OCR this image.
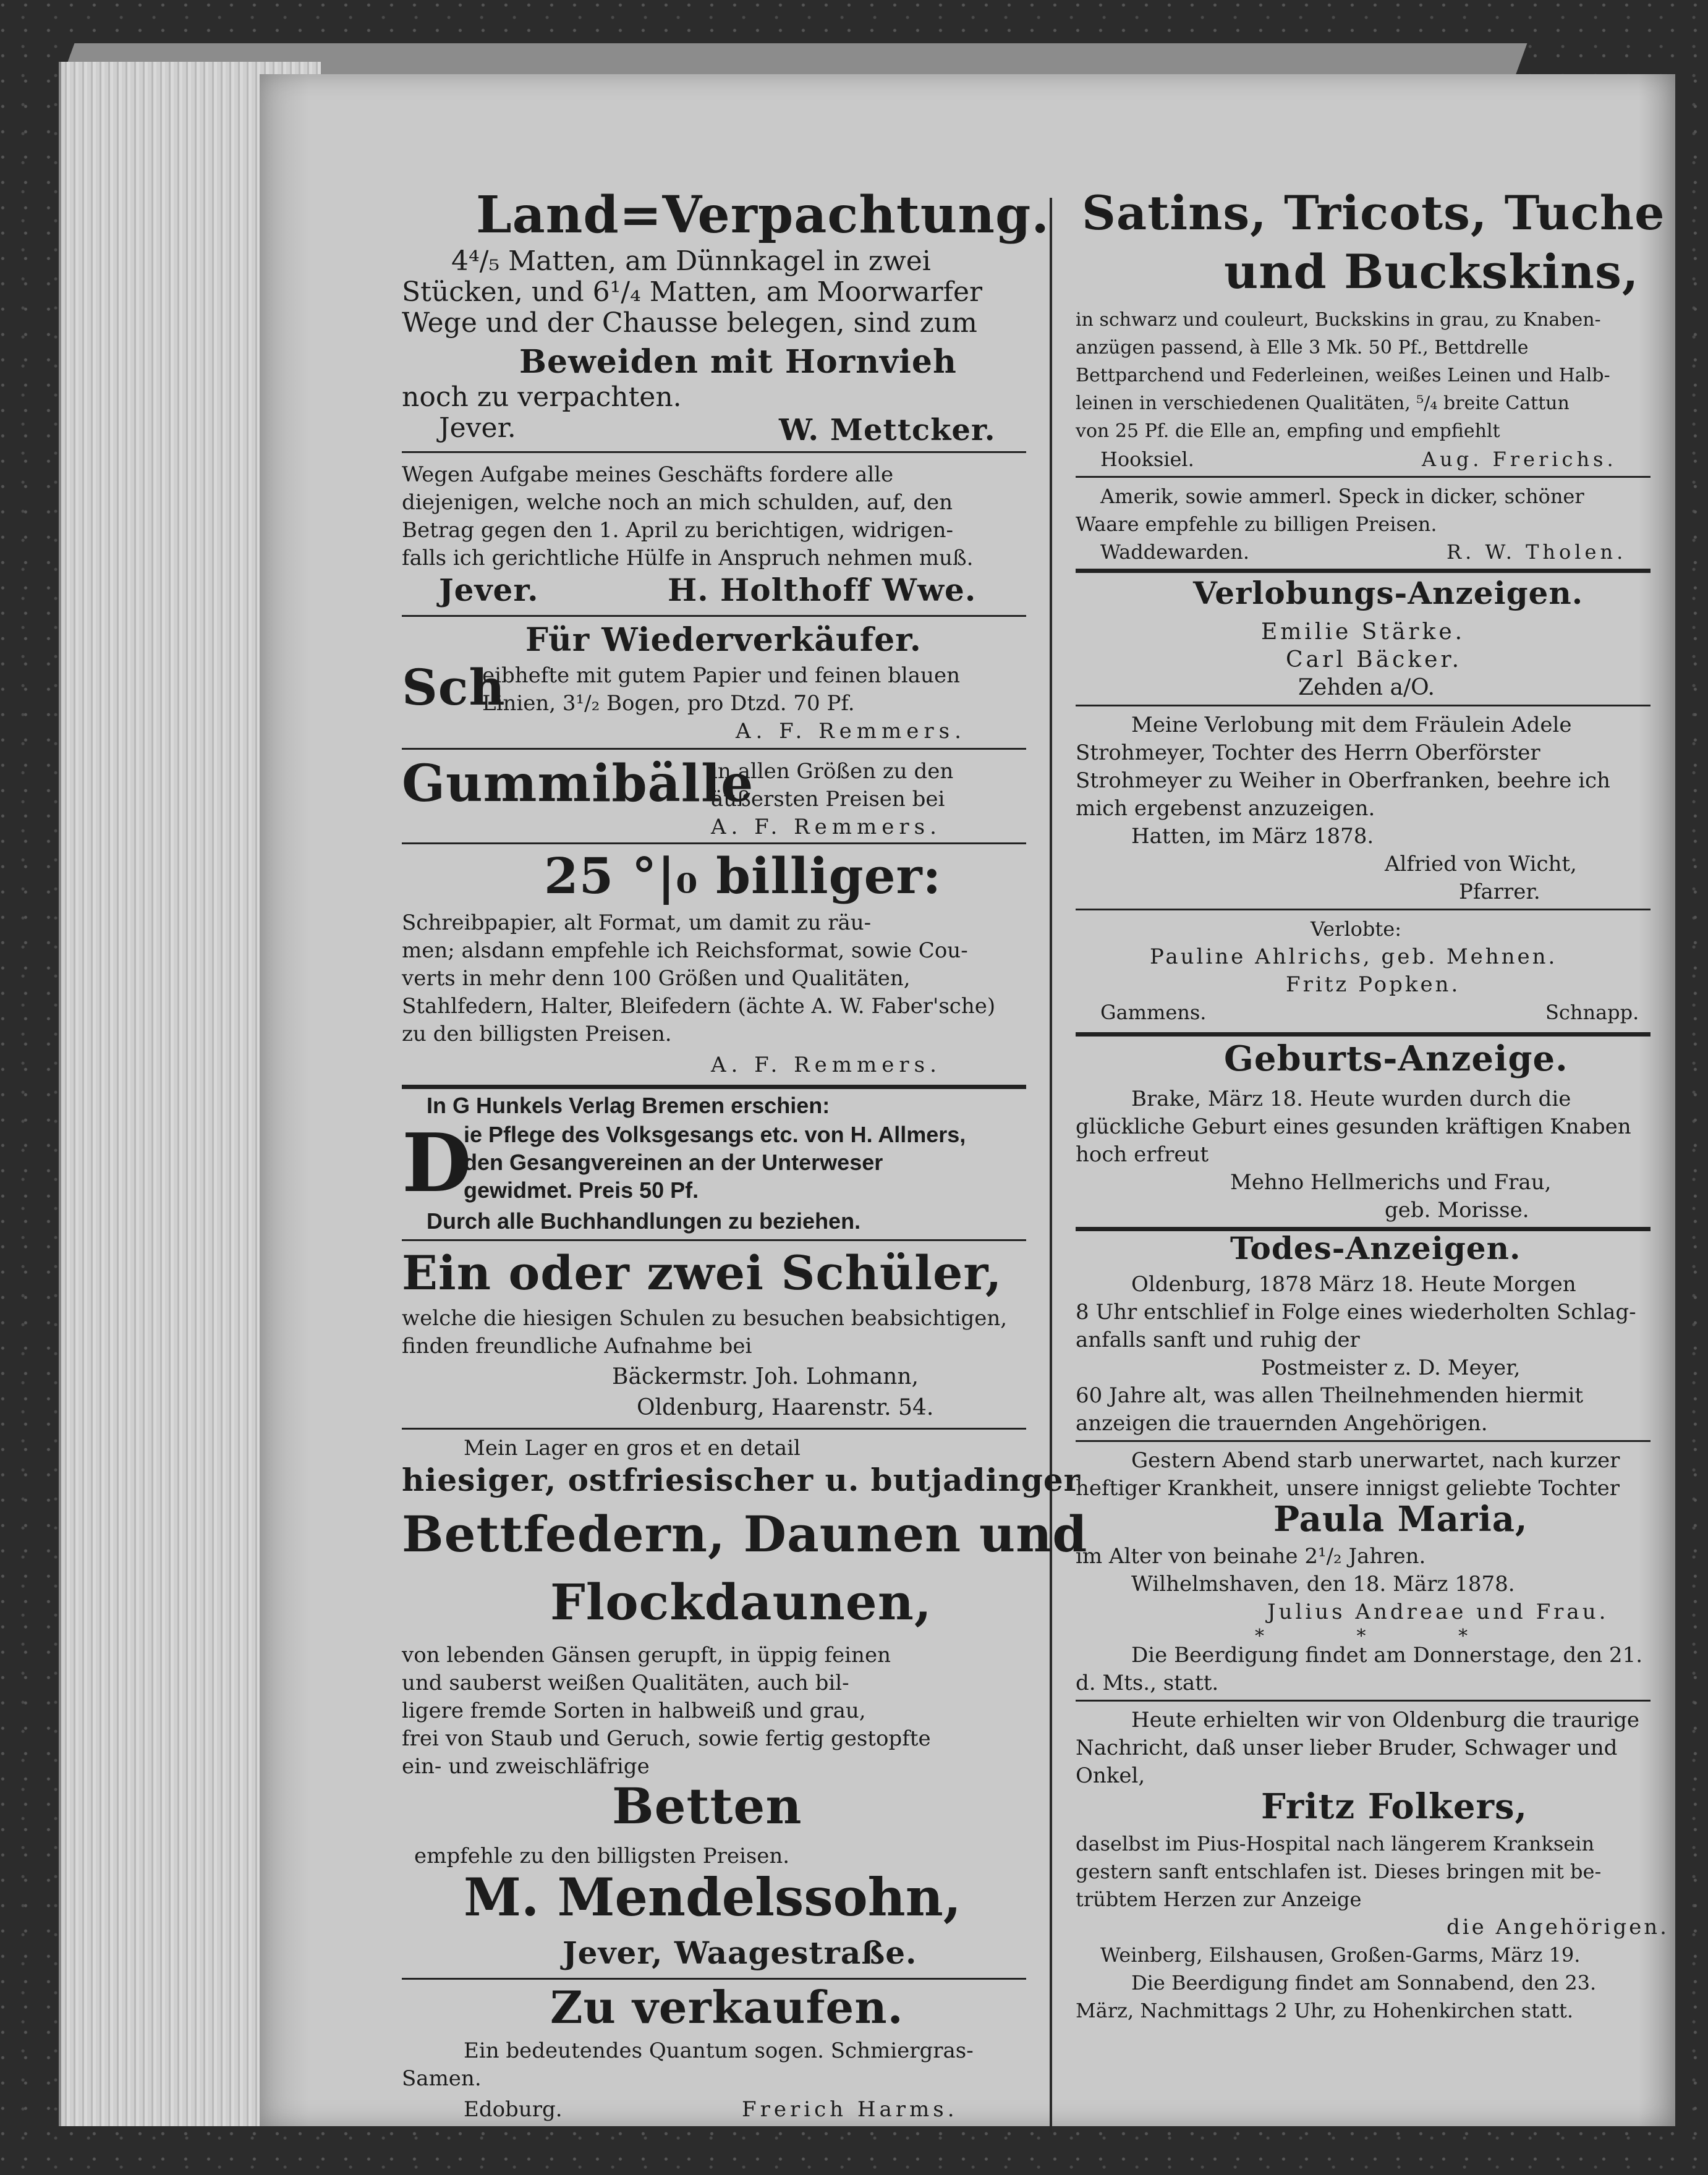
Land=Verpachtung.
4⁴/₅ Matten, am Dünnkagel in zwei
Stücken, und 6¹/₄ Matten, am Moorwarfer
Wege und der Chausse belegen, sind zum
Beweiden mit Hornvieh
noch zu verpachten.
Jever.	W. Mettcker.
Wegen Aufgabe meines Geschäfts fordere alle
diejenigen, welche noch an mich schulden, auf, den
Betrag gegen den 1. April zu berichtigen, widrigen-
falls ich gerichtliche Hülfe in Anspruch nehmen muß.
Jever.	H. Holthoff Wwe.
Für Wiederverkäufer.
Sch
eibhefte mit gutem Papier und feinen blauen
Linien, 3¹/₂ Bogen, pro Dtzd. 70 Pf.
A. F. Remmers.
Gummibälle
in allen Größen zu den
äußersten Preisen bei
A. F. Remmers.
25 °|₀ billiger:
Schreibpapier, alt Format, um damit zu räu-
men; alsdann empfehle ich Reichsformat, sowie Cou-
verts in mehr denn 100 Größen und Qualitäten,
Stahlfedern, Halter, Bleifedern (ächte A. W. Faber'sche)
zu den billigsten Preisen.
A. F. Remmers.
In G Hunkels Verlag Bremen erschien:
D
ie Pflege des Volksgesangs etc. von H. Allmers,
den Gesangvereinen an der Unterweser
gewidmet. Preis 50 Pf.
Durch alle Buchhandlungen zu beziehen.
Ein oder zwei Schüler,
welche die hiesigen Schulen zu besuchen beabsichtigen,
finden freundliche Aufnahme bei
Bäckermstr. Joh. Lohmann,
Oldenburg, Haarenstr. 54.
Mein Lager en gros et en detail
hiesiger, ostfriesischer u. butjadinger
Bettfedern, Daunen und
Flockdaunen,
von lebenden Gänsen gerupft, in üppig feinen
und sauberst weißen Qualitäten, auch bil-
ligere fremde Sorten in halbweiß und grau,
frei von Staub und Geruch, sowie fertig gestopfte
ein- und zweischläfrige
Betten
empfehle zu den billigsten Preisen.
M. Mendelssohn,
Jever, Waagestraße.
Zu verkaufen.
Ein bedeutendes Quantum sogen. Schmiergras-
Samen.
Edoburg.	Frerich Harms.
Satins, Tricots, Tuche
und Buckskins,
in schwarz und couleurt, Buckskins in grau, zu Knaben-
anzügen passend, à Elle 3 Mk. 50 Pf., Bettdrelle
Bettparchend und Federleinen, weißes Leinen und Halb-
leinen in verschiedenen Qualitäten, ⁵/₄ breite Cattun
von 25 Pf. die Elle an, empfing und empfiehlt
Hooksiel.	Aug. Frerichs.
Amerik, sowie ammerl. Speck in dicker, schöner
Waare empfehle zu billigen Preisen.
Waddewarden.	R. W. Tholen.
Verlobungs-Anzeigen.
Emilie Stärke.
Carl Bäcker.
Zehden a/O.
Meine Verlobung mit dem Fräulein Adele
Strohmeyer, Tochter des Herrn Oberförster
Strohmeyer zu Weiher in Oberfranken, beehre ich
mich ergebenst anzuzeigen.
Hatten, im März 1878.
Alfried von Wicht,
Pfarrer.
Verlobte:
Pauline Ahlrichs, geb. Mehnen.
Fritz Popken.
Gammens.	Schnapp.
Geburts-Anzeige.
Brake, März 18. Heute wurden durch die
glückliche Geburt eines gesunden kräftigen Knaben
hoch erfreut
Mehno Hellmerichs und Frau,
geb. Morisse.
Todes-Anzeigen.
Oldenburg, 1878 März 18. Heute Morgen
8 Uhr entschlief in Folge eines wiederholten Schlag-
anfalls sanft und ruhig der
Postmeister z. D. Meyer,
60 Jahre alt, was allen Theilnehmenden hiermit
anzeigen die trauernden Angehörigen.
Gestern Abend starb unerwartet, nach kurzer
heftiger Krankheit, unsere innigst geliebte Tochter
Paula Maria,
im Alter von beinahe 2¹/₂ Jahren.
Wilhelmshaven, den 18. März 1878.
Julius Andreae und Frau.
* * *
Die Beerdigung findet am Donnerstage, den 21.
d. Mts., statt.
Heute erhielten wir von Oldenburg die traurige
Nachricht, daß unser lieber Bruder, Schwager und
Onkel,
Fritz Folkers,
daselbst im Pius-Hospital nach längerem Kranksein
gestern sanft entschlafen ist. Dieses bringen mit be-
trübtem Herzen zur Anzeige
die Angehörigen.
Weinberg, Eilshausen, Großen-Garms, März 19.
Die Beerdigung findet am Sonnabend, den 23.
März, Nachmittags 2 Uhr, zu Hohenkirchen statt.
